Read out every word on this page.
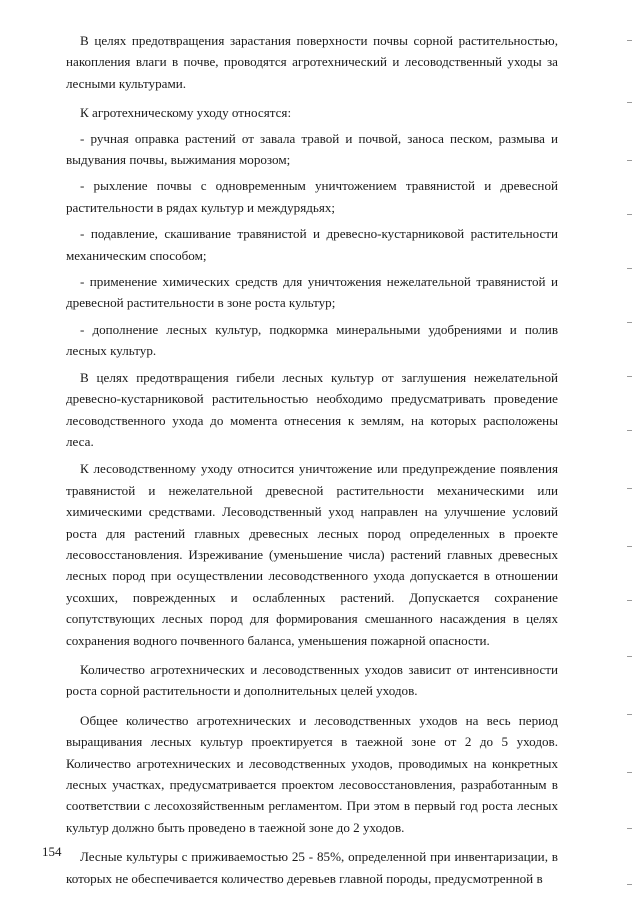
В целях предотвращения зарастания поверхности почвы сорной растительностью, накопления влаги в почве, проводятся агротехнический и лесоводственный уходы за лесными культурами.

К агротехническому уходу относятся:

- ручная оправка растений от завала травой и почвой, заноса песком, размыва и выдувания почвы, выжимания морозом;

- рыхление почвы с одновременным уничтожением травянистой и древесной растительности в рядах культур и междурядьях;

- подавление, скашивание травянистой и древесно-кустарниковой растительности механическим способом;

- применение химических средств для уничтожения нежелательной травянистой и древесной растительности в зоне роста культур;

- дополнение лесных культур, подкормка минеральными удобрениями и полив лесных культур.

В целях предотвращения гибели лесных культур от заглушения нежелательной древесно-кустарниковой растительностью необходимо предусматривать проведение лесоводственного ухода до момента отнесения к землям, на которых расположены леса.

К лесоводственному уходу относится уничтожение или предупреждение появления травянистой и нежелательной древесной растительности механическими или химическими средствами. Лесоводственный уход направлен на улучшение условий роста для растений главных древесных лесных пород определенных в проекте лесовосстановления. Изреживание (уменьшение числа) растений главных древесных лесных пород при осуществлении лесоводственного ухода допускается в отношении усохших, поврежденных и ослабленных растений. Допускается сохранение сопутствующих лесных пород для формирования смешанного насаждения в целях сохранения водного почвенного баланса, уменьшения пожарной опасности.

Количество агротехнических и лесоводственных уходов зависит от интенсивности роста сорной растительности и дополнительных целей уходов.

Общее количество агротехнических и лесоводственных уходов на весь период выращивания лесных культур проектируется в таежной зоне от 2 до 5 уходов. Количество агротехнических и лесоводственных уходов, проводимых на конкретных лесных участках, предусматривается проектом лесовосстановления, разработанным в соответствии с лесохозяйственным регламентом. При этом в первый год роста лесных культур должно быть проведено в таежной зоне до 2 уходов.

Лесные культуры с приживаемостью 25 - 85%, определенной при инвентаризации, в которых не обеспечивается количество деревьев главной породы, предусмотренной в

154
